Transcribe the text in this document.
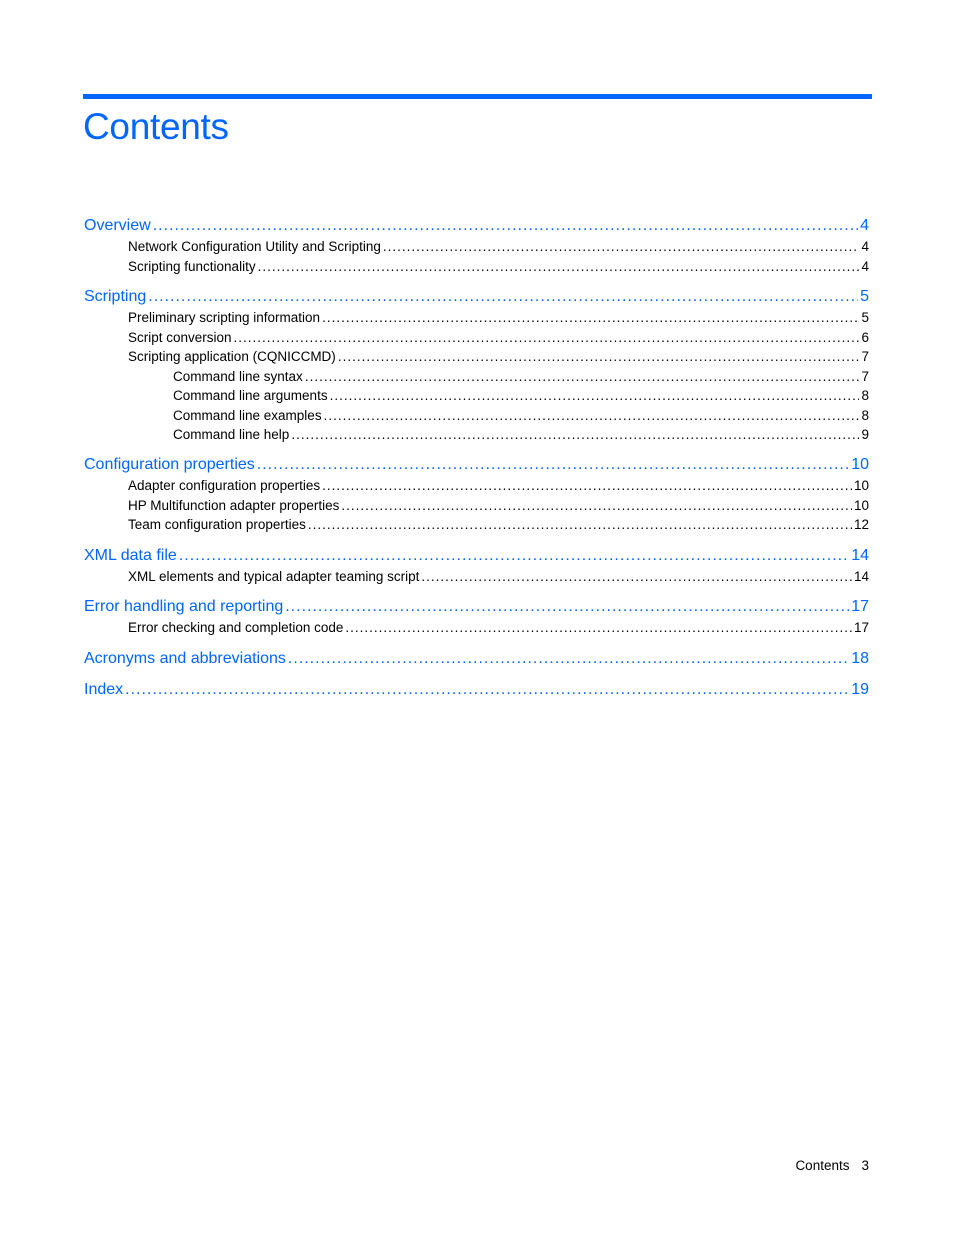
Contents
Overview .....	4
Network Configuration Utility and Scripting .....	4
Scripting functionality .....	4
Scripting .....	5
Preliminary scripting information .....	5
Script conversion .....	6
Scripting application (CQNICCMD) .....	7
Command line syntax .....	7
Command line arguments .....	8
Command line examples .....	8
Command line help .....	9
Configuration properties .....	10
Adapter configuration properties .....	10
HP Multifunction adapter properties .....	10
Team configuration properties .....	12
XML data file .....	14
XML elements and typical adapter teaming script .....	14
Error handling and reporting .....	17
Error checking and completion code .....	17
Acronyms and abbreviations .....	18
Index .....	19
Contents 3
